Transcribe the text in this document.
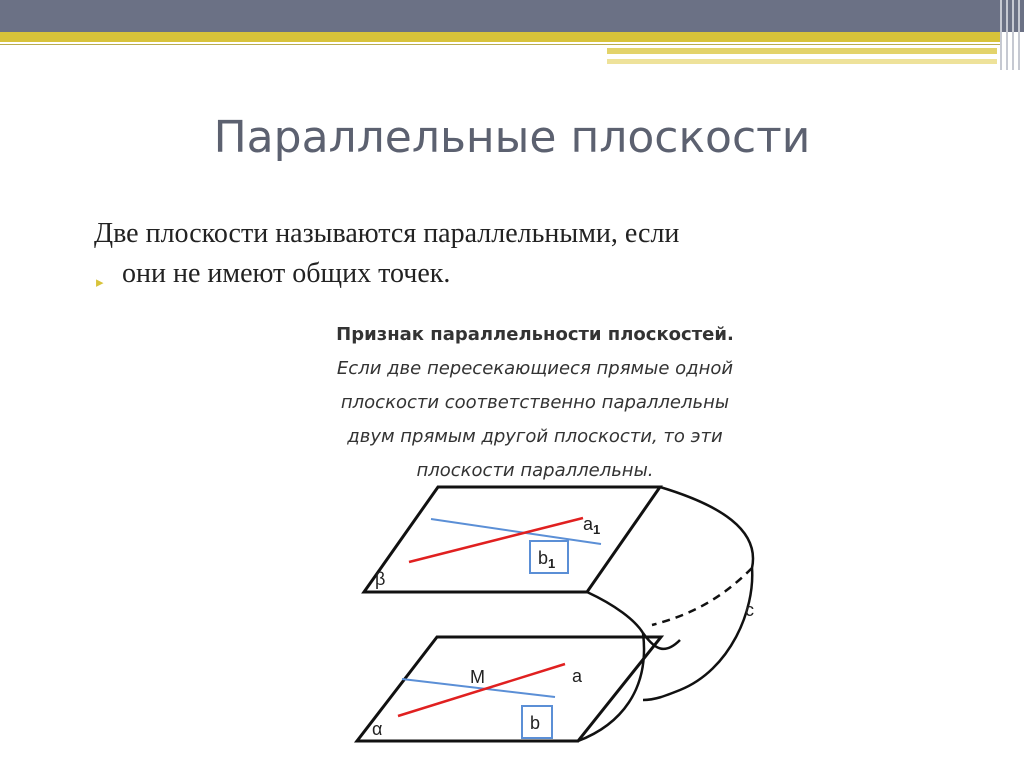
Параллельные плоскости
▸
Две плоскости называются параллельными, если
они не имеют общих точек.
Признак параллельности плоскостей.
Если две пересекающиеся прямые одной
плоскости соответственно параллельны
двум прямым другой плоскости, то эти
плоскости параллельны.
β
α
$a_1$
$b_1$
M	a
b
c
